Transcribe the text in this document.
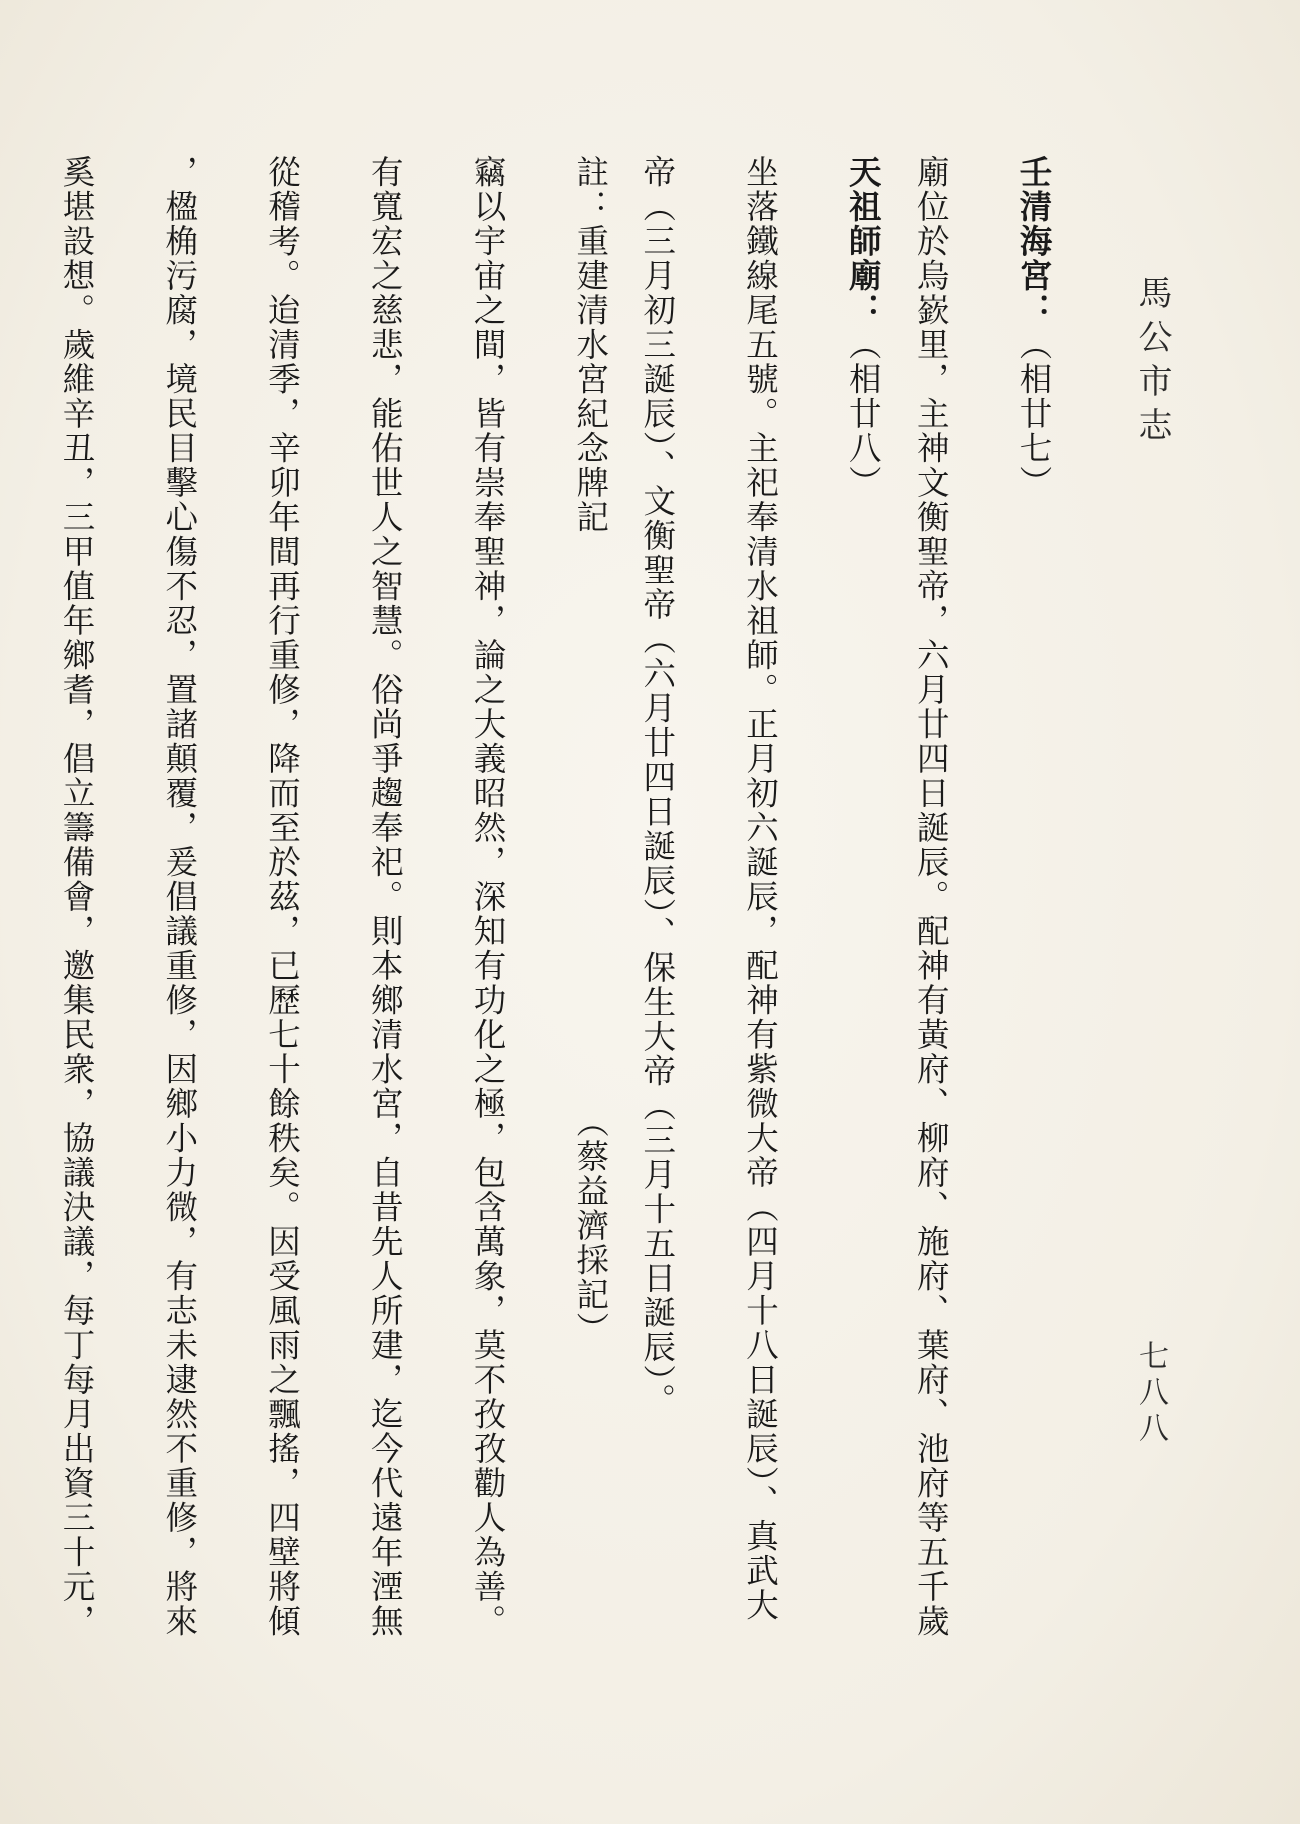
馬公市志
七八八
壬清海宮：（相廿七）
廟位於烏嶔里，主神文衡聖帝，六月廿四日誕辰。配神有黃府、柳府、施府、葉府、池府等五千歲
天祖師廟：（相廿八）
坐落鐵線尾五號。主祀奉清水祖師。正月初六誕辰，配神有紫微大帝（四月十八日誕辰）、真武大
帝（三月初三誕辰）、文衡聖帝（六月廿四日誕辰）、保生大帝（三月十五日誕辰）。
註：重建清水宮紀念牌記　　　　　　　　　　　　　　　　　（蔡益濟採記）
竊以宇宙之間，皆有崇奉聖神，論之大義昭然，深知有功化之極，包含萬象，莫不孜孜勸人為善。
有寬宏之慈悲，能佑世人之智慧。俗尚爭趨奉祀。則本鄉清水宮，自昔先人所建，迄今代遠年湮無
從稽考。迨清季，辛卯年間再行重修，降而至於茲，已歷七十餘秩矣。因受風雨之飄搖，四壁將傾
，楹桷污腐，境民目擊心傷不忍，置諸顛覆，爰倡議重修，因鄉小力微，有志未逮然不重修，將來
奚堪設想。歲維辛丑，三甲值年鄉耆，倡立籌備會，邀集民衆，協議決議，每丁每月出資三十元，
